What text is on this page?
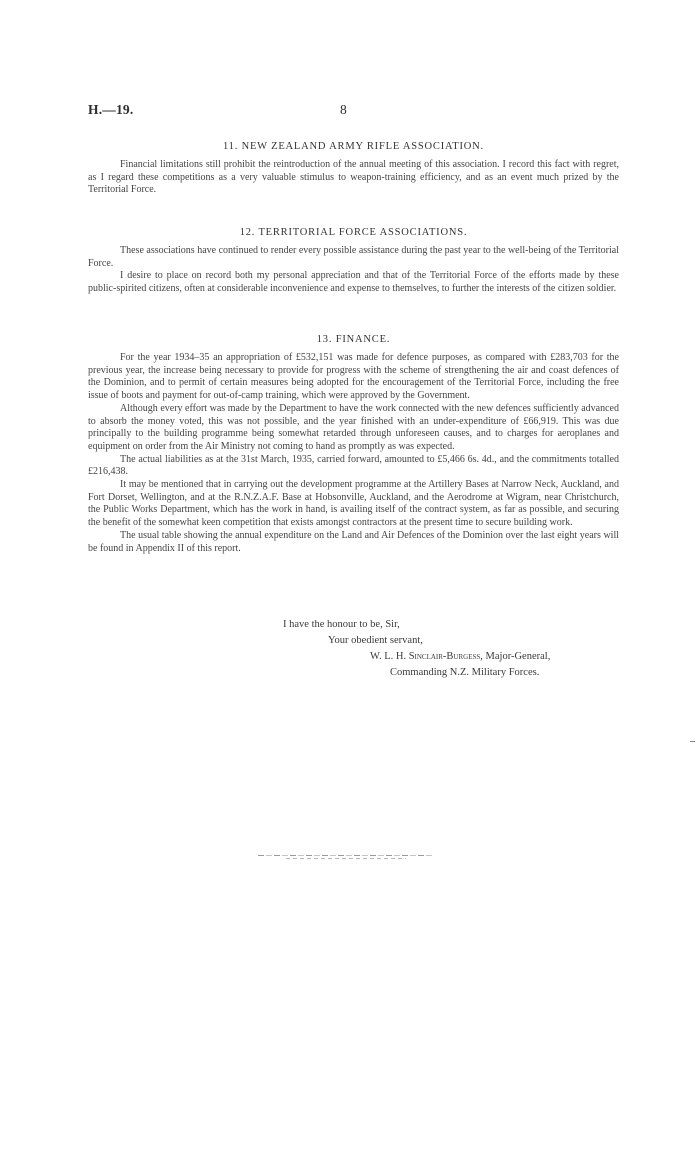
H.—19.	8
11. NEW ZEALAND ARMY RIFLE ASSOCIATION.

Financial limitations still prohibit the reintroduction of the annual meeting of this association. I record this fact with regret, as I regard these competitions as a very valuable stimulus to weapon-training efficiency, and as an event much prized by the Territorial Force.

12. TERRITORIAL FORCE ASSOCIATIONS.

These associations have continued to render every possible assistance during the past year to the well-being of the Territorial Force.

I desire to place on record both my personal appreciation and that of the Territorial Force of the efforts made by these public-spirited citizens, often at considerable inconvenience and expense to themselves, to further the interests of the citizen soldier.

13. FINANCE.

For the year 1934–35 an appropriation of £532,151 was made for defence purposes, as compared with £283,703 for the previous year, the increase being necessary to provide for progress with the scheme of strengthening the air and coast defences of the Dominion, and to permit of certain measures being adopted for the encouragement of the Territorial Force, including the free issue of boots and payment for out-of-camp training, which were approved by the Government.

Although every effort was made by the Department to have the work connected with the new defences sufficiently advanced to absorb the money voted, this was not possible, and the year finished with an under-expenditure of £66,919. This was due principally to the building programme being somewhat retarded through unforeseen causes, and to charges for aeroplanes and equipment on order from the Air Ministry not coming to hand as promptly as was expected.

The actual liabilities as at the 31st March, 1935, carried forward, amounted to £5,466 6s. 4d., and the commitments totalled £216,438.

It may be mentioned that in carrying out the development programme at the Artillery Bases at Narrow Neck, Auckland, and Fort Dorset, Wellington, and at the R.N.Z.A.F. Base at Hobsonville, Auckland, and the Aerodrome at Wigram, near Christchurch, the Public Works Department, which has the work in hand, is availing itself of the contract system, as far as possible, and securing the benefit of the somewhat keen competition that exists amongst contractors at the present time to secure building work.

The usual table showing the annual expenditure on the Land and Air Defences of the Dominion over the last eight years will be found in Appendix II of this report.

I have the honour to be, Sir,
Your obedient servant,
W. L. H. Sinclair-Burgess, Major-General,
Commanding N.Z. Military Forces.
